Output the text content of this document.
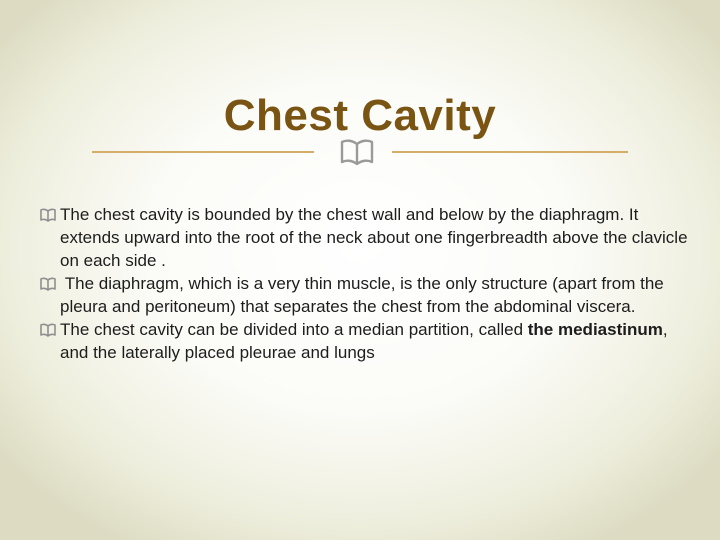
Chest Cavity
The chest cavity is bounded by the chest wall and below by the diaphragm. It extends upward into the root of the neck about one fingerbreadth above the clavicle on each side .
The diaphragm, which is a very thin muscle, is the only structure (apart from the pleura and peritoneum) that separates the chest from the abdominal viscera.
The chest cavity can be divided into a median partition, called the mediastinum, and the laterally placed pleurae and lungs
